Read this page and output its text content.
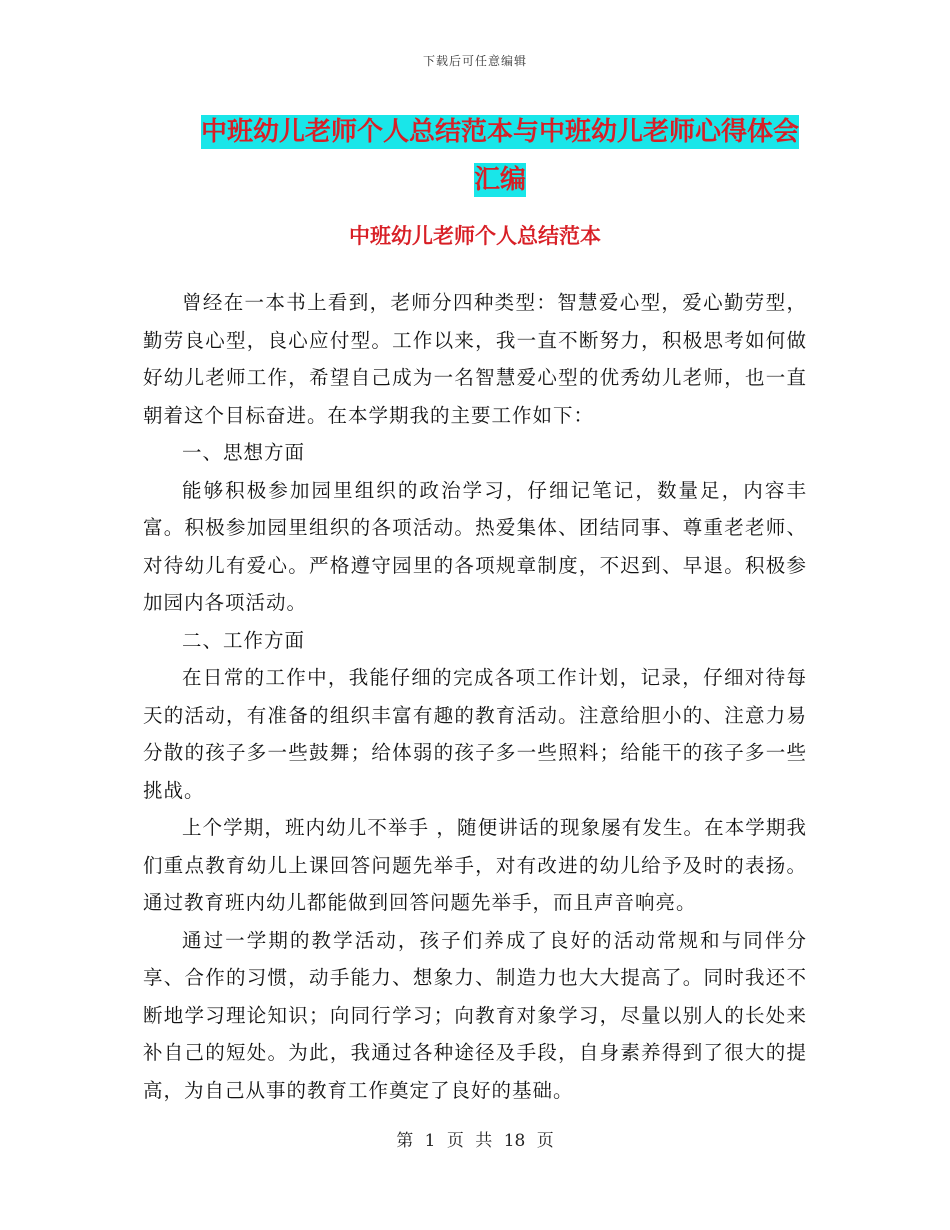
下载后可任意编辑
中班幼儿老师个人总结范本与中班幼儿老师心得体会
汇编
中班幼儿老师个人总结范本

曾经在一本书上看到，老师分四种类型：智慧爱心型，爱心勤劳型，勤劳良心型，良心应付型。工作以来，我一直不断努力，积极思考如何做好幼儿老师工作，希望自己成为一名智慧爱心型的优秀幼儿老师，也一直朝着这个目标奋进。在本学期我的主要工作如下：

一、思想方面

能够积极参加园里组织的政治学习，仔细记笔记，数量足，内容丰富。积极参加园里组织的各项活动。热爱集体、团结同事、尊重老老师、对待幼儿有爱心。严格遵守园里的各项规章制度，不迟到、早退。积极参加园内各项活动。

二、工作方面

在日常的工作中，我能仔细的完成各项工作计划，记录，仔细对待每天的活动，有准备的组织丰富有趣的教育活动。注意给胆小的、注意力易分散的孩子多一些鼓舞；给体弱的孩子多一些照料；给能干的孩子多一些挑战。

上个学期，班内幼儿不举手 ，随便讲话的现象屡有发生。在本学期我们重点教育幼儿上课回答问题先举手，对有改进的幼儿给予及时的表扬。通过教育班内幼儿都能做到回答问题先举手，而且声音响亮。

通过一学期的教学活动，孩子们养成了良好的活动常规和与同伴分享、合作的习惯，动手能力、想象力、制造力也大大提高了。同时我还不断地学习理论知识；向同行学习；向教育对象学习，尽量以别人的长处来补自己的短处。为此，我通过各种途径及手段，自身素养得到了很大的提高，为自己从事的教育工作奠定了良好的基础。

第 1 页 共 18 页
